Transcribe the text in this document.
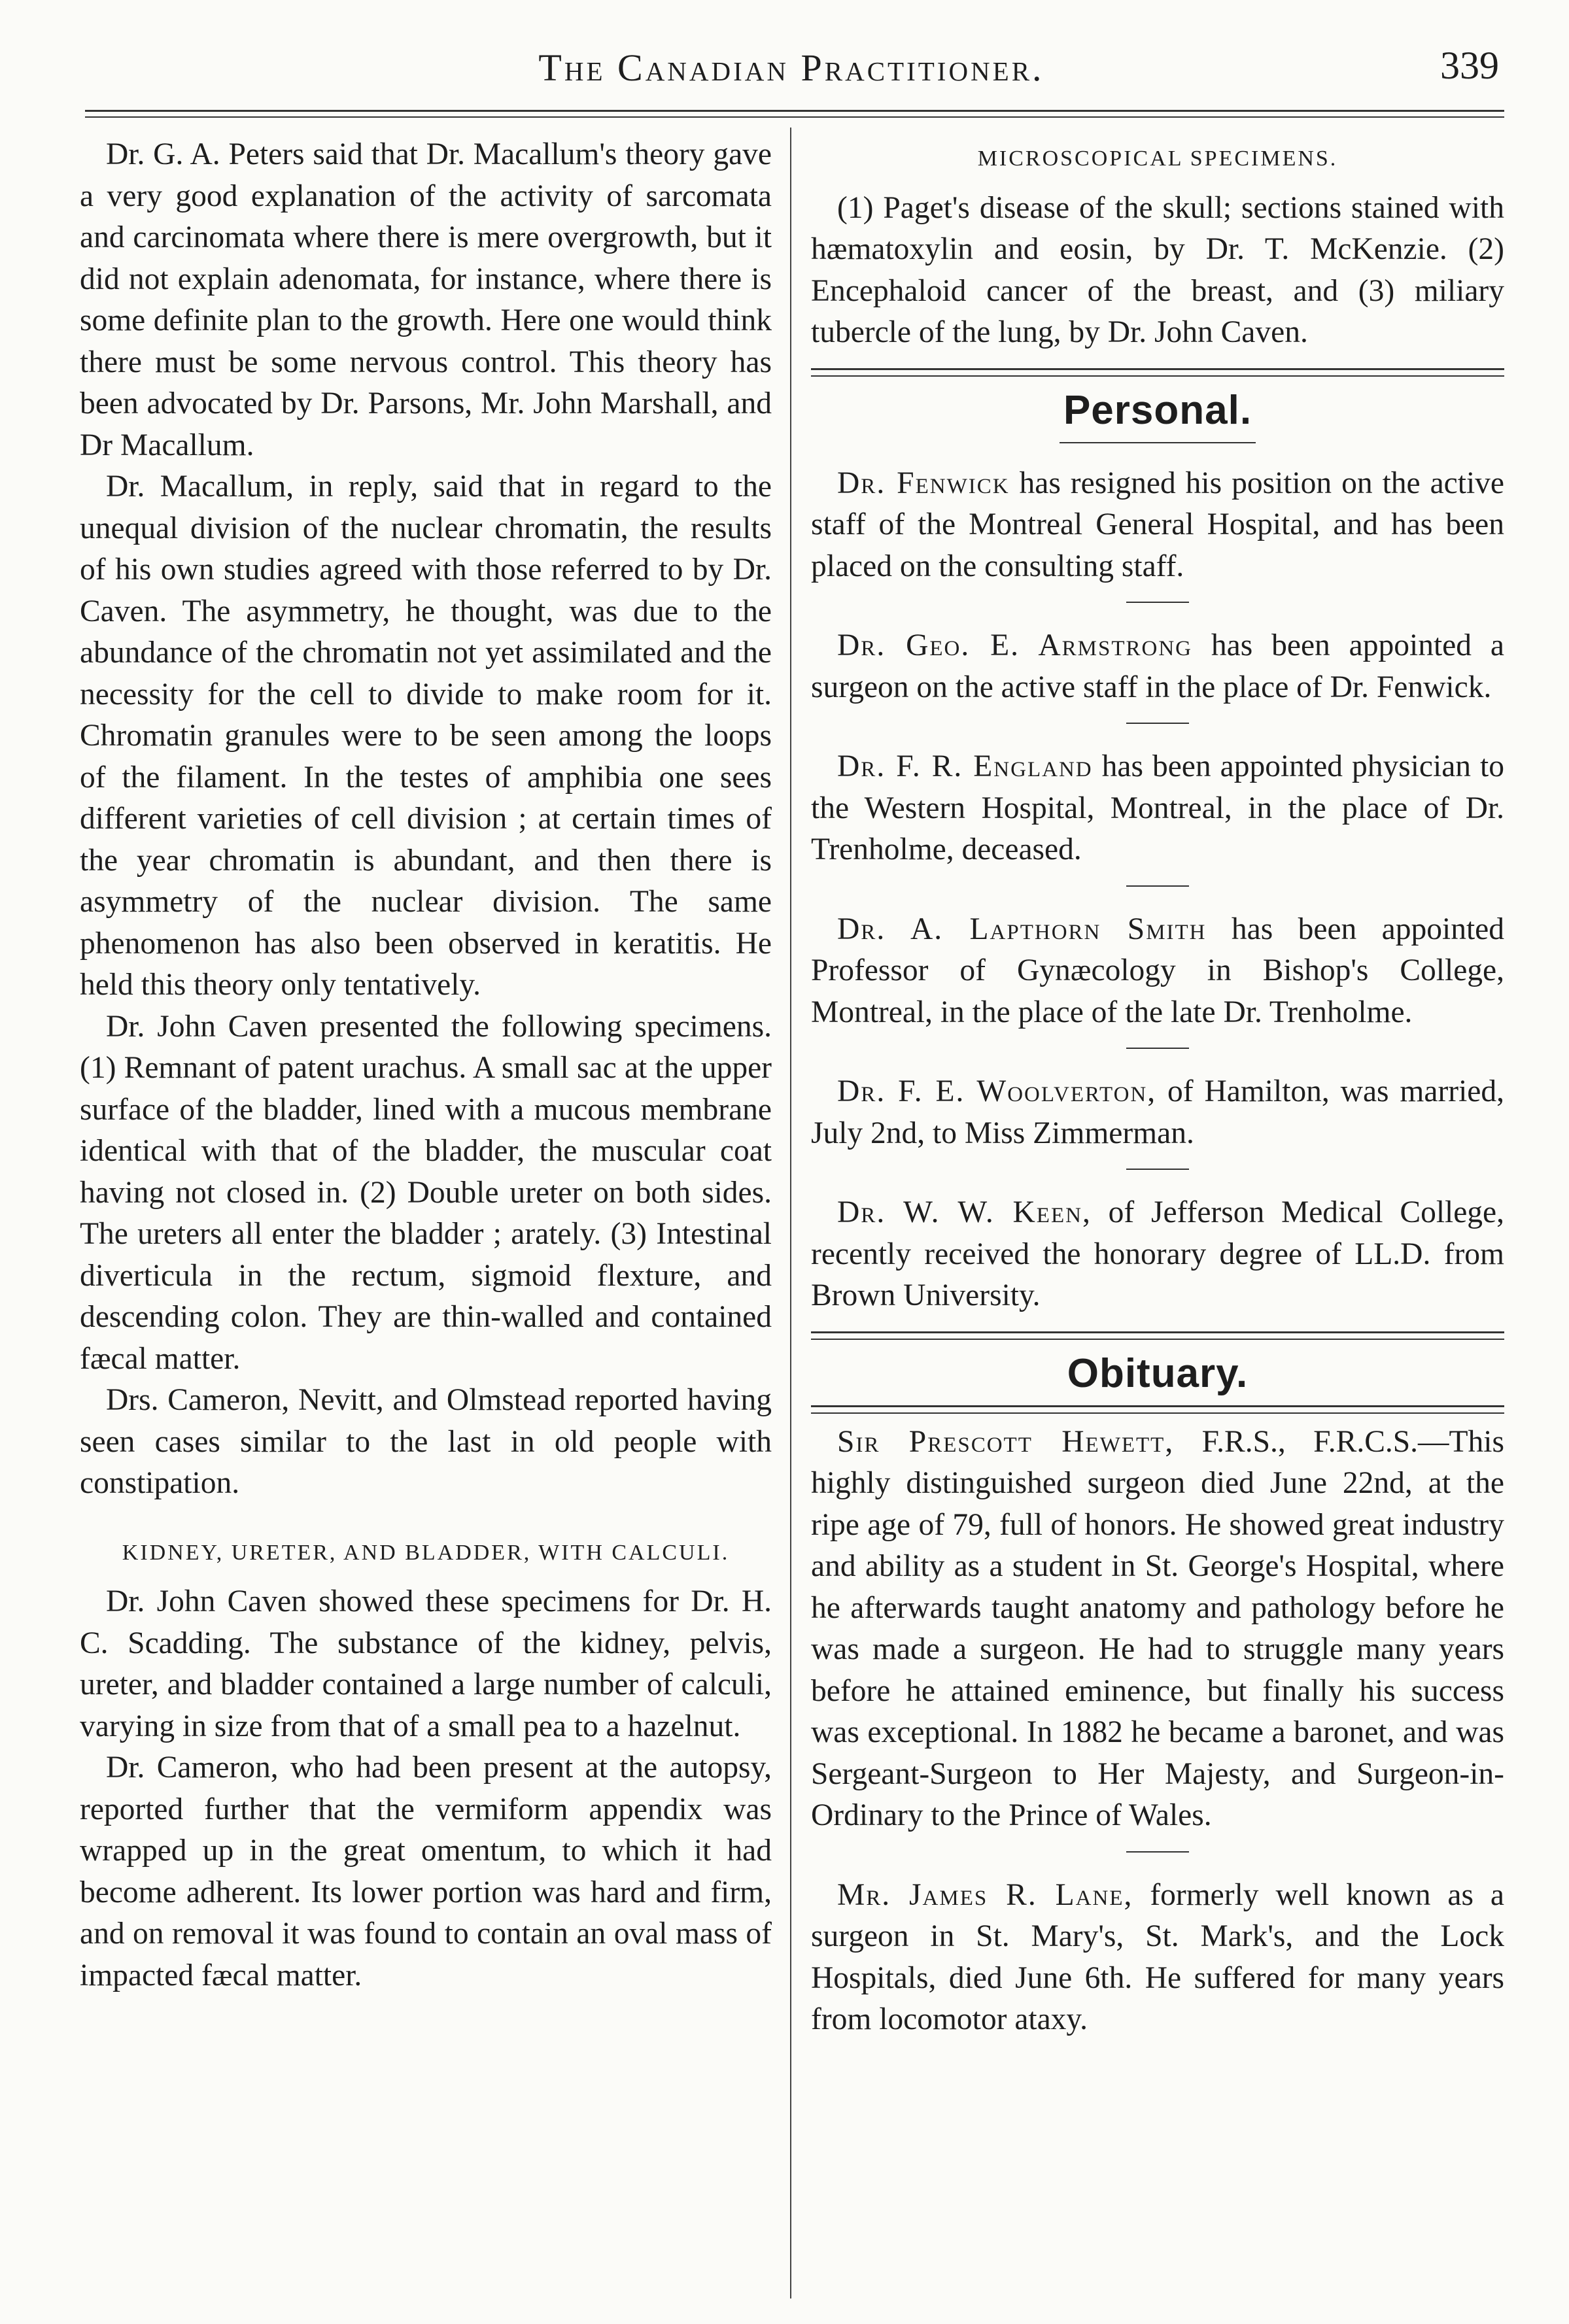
The Canadian Practitioner.	339

Dr. G. A. Peters said that Dr. Macallum's theory gave a very good explanation of the activity of sarcomata and carcinomata where there is mere overgrowth, but it did not explain adenomata, for instance, where there is some definite plan to the growth. Here one would think there must be some nervous control. This theory has been advocated by Dr. Parsons, Mr. John Marshall, and Dr Macallum.

Dr. Macallum, in reply, said that in regard to the unequal division of the nuclear chromatin, the results of his own studies agreed with those referred to by Dr. Caven. The asymmetry, he thought, was due to the abundance of the chromatin not yet assimilated and the necessity for the cell to divide to make room for it. Chromatin granules were to be seen among the loops of the filament. In the testes of amphibia one sees different varieties of cell division ; at certain times of the year chromatin is abundant, and then there is asymmetry of the nuclear division. The same phenomenon has also been observed in keratitis. He held this theory only tentatively.

Dr. John Caven presented the following specimens. (1) Remnant of patent urachus. A small sac at the upper surface of the bladder, lined with a mucous membrane identical with that of the bladder, the muscular coat having not closed in. (2) Double ureter on both sides. The ureters all enter the bladder ; arately. (3) Intestinal diverticula in the rectum, sigmoid flexture, and descending colon. They are thin-walled and contained fæcal matter.

Drs. Cameron, Nevitt, and Olmstead reported having seen cases similar to the last in old people with constipation.

KIDNEY, URETER, AND BLADDER, WITH CALCULI.

Dr. John Caven showed these specimens for Dr. H. C. Scadding. The substance of the kidney, pelvis, ureter, and bladder contained a large number of calculi, varying in size from that of a small pea to a hazelnut.

Dr. Cameron, who had been present at the autopsy, reported further that the vermiform appendix was wrapped up in the great omentum, to which it had become adherent. Its lower portion was hard and firm, and on removal it was found to contain an oval mass of impacted fæcal matter.

MICROSCOPICAL SPECIMENS.

(1) Paget's disease of the skull; sections stained with hæmatoxylin and eosin, by Dr. T. McKenzie. (2) Encephaloid cancer of the breast, and (3) miliary tubercle of the lung, by Dr. John Caven.

Personal.

Dr. Fenwick has resigned his position on the active staff of the Montreal General Hospital, and has been placed on the consulting staff.

Dr. Geo. E. Armstrong has been appointed a surgeon on the active staff in the place of Dr. Fenwick.

Dr. F. R. England has been appointed physician to the Western Hospital, Montreal, in the place of Dr. Trenholme, deceased.

Dr. A. Lapthorn Smith has been appointed Professor of Gynæcology in Bishop's College, Montreal, in the place of the late Dr. Trenholme.

Dr. F. E. Woolverton, of Hamilton, was married, July 2nd, to Miss Zimmerman.

Dr. W. W. Keen, of Jefferson Medical College, recently received the honorary degree of LL.D. from Brown University.

Obituary.

Sir Prescott Hewett, F.R.S., F.R.C.S.—This highly distinguished surgeon died June 22nd, at the ripe age of 79, full of honors. He showed great industry and ability as a student in St. George's Hospital, where he afterwards taught anatomy and pathology before he was made a surgeon. He had to struggle many years before he attained eminence, but finally his success was exceptional. In 1882 he became a baronet, and was Sergeant-Surgeon to Her Majesty, and Surgeon-in-Ordinary to the Prince of Wales.

Mr. James R. Lane, formerly well known as a surgeon in St. Mary's, St. Mark's, and the Lock Hospitals, died June 6th. He suffered for many years from locomotor ataxy.
